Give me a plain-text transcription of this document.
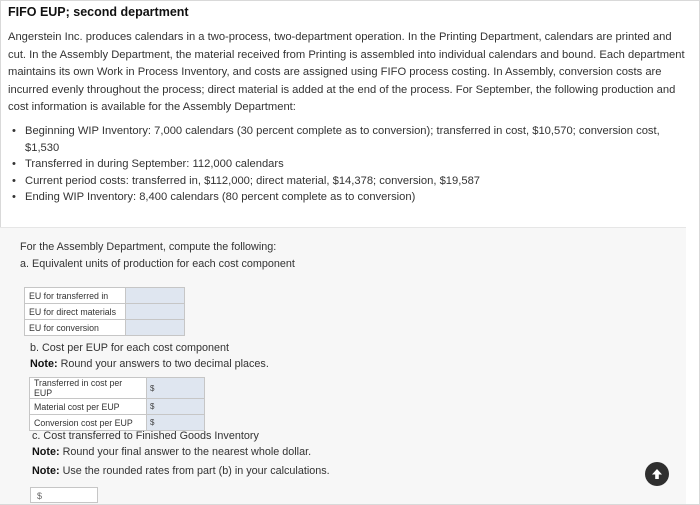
FIFO EUP; second department
Angerstein Inc. produces calendars in a two-process, two-department operation. In the Printing Department, calendars are printed and cut. In the Assembly Department, the material received from Printing is assembled into individual calendars and bound. Each department maintains its own Work in Process Inventory, and costs are assigned using FIFO process costing. In Assembly, conversion costs are incurred evenly throughout the process; direct material is added at the end of the process. For September, the following production and cost information is available for the Assembly Department:
• Beginning WIP Inventory: 7,000 calendars (30 percent complete as to conversion); transferred in cost, $10,570; conversion cost, $1,530
• Transferred in during September: 112,000 calendars
• Current period costs: transferred in, $112,000; direct material, $14,378; conversion, $19,587
• Ending WIP Inventory: 8,400 calendars (80 percent complete as to conversion)
For the Assembly Department, compute the following:
a. Equivalent units of production for each cost component
EU for transferred in	
EU for direct materials	
EU for conversion	
b. Cost per EUP for each cost component
Note: Round your answers to two decimal places.
Transferred in cost per EUP	$
Material cost per EUP	$
Conversion cost per EUP	$
c. Cost transferred to Finished Goods Inventory
Note: Round your final answer to the nearest whole dollar.
Note: Use the rounded rates from part (b) in your calculations.
$
